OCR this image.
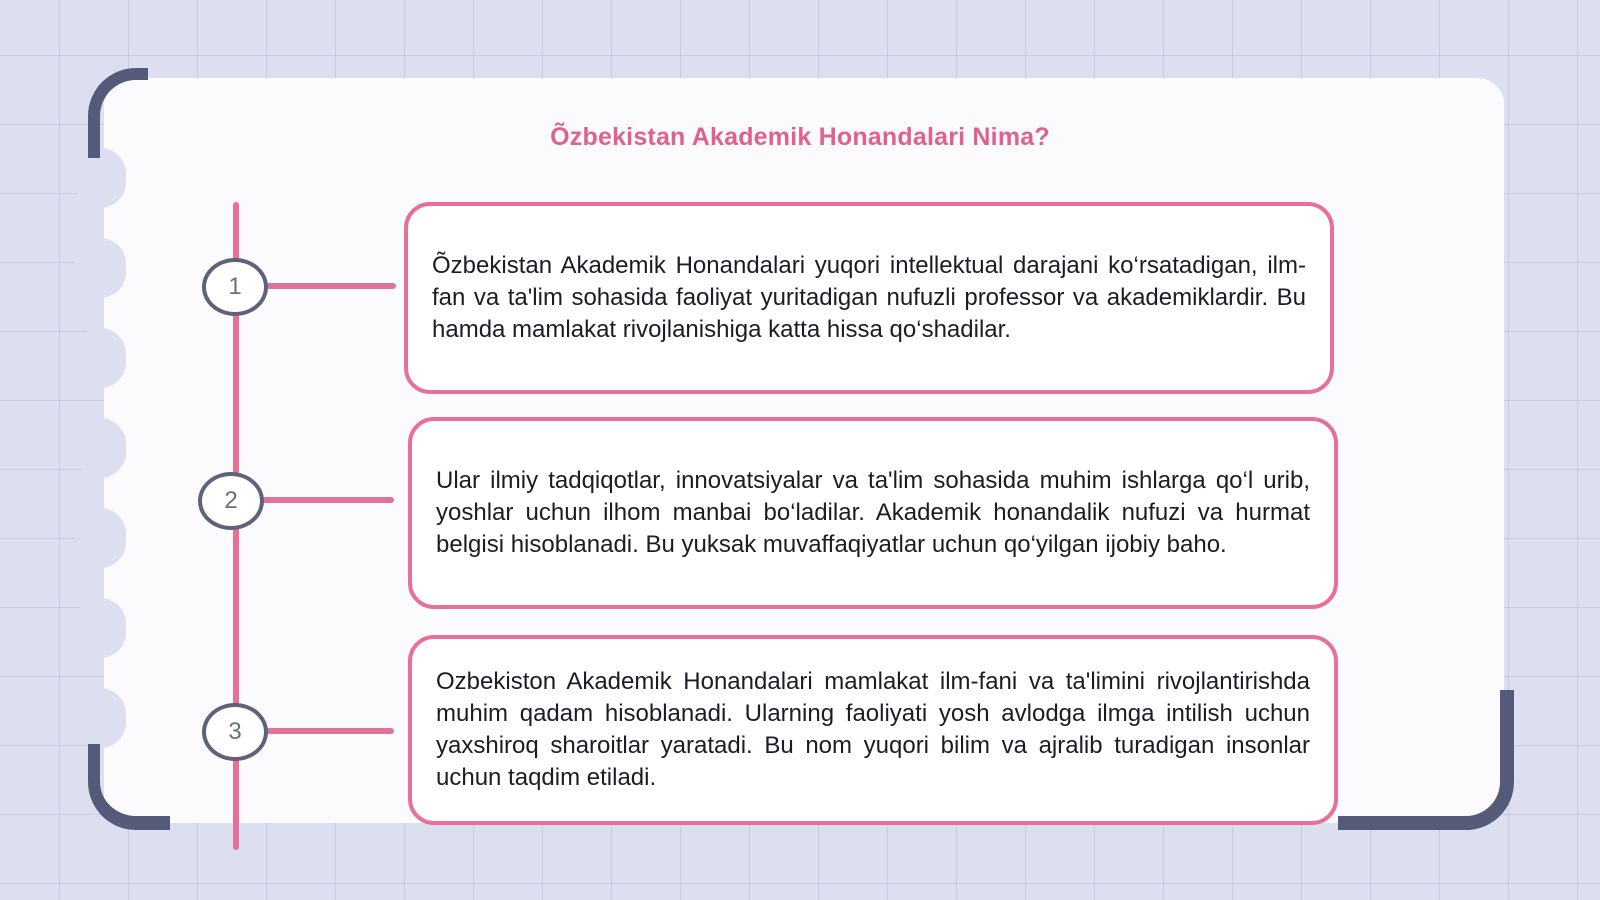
Õzbekistan Akademik Honandalari Nima?
1
Õzbekistan Akademik Honandalari yuqori intellektual darajani ko‘rsatadigan, ilm-fan va ta'lim sohasida faoliyat yuritadigan nufuzli professor va akademiklardir. Bu hamda mamlakat rivojlanishiga katta hissa qo‘shadilar.
2
Ular ilmiy tadqiqotlar, innovatsiyalar va ta'lim sohasida muhim ishlarga qo‘l urib, yoshlar uchun ilhom manbai bo‘ladilar. Akademik honandalik nufuzi va hurmat belgisi hisoblanadi. Bu yuksak muvaffaqiyatlar uchun qo‘yilgan ijobiy baho.
3
Ozbekiston Akademik Honandalari mamlakat ilm-fani va ta'limini rivojlantirishda muhim qadam hisoblanadi. Ularning faoliyati yosh avlodga ilmga intilish uchun yaxshiroq sharoitlar yaratadi. Bu nom yuqori bilim va ajralib turadigan insonlar uchun taqdim etiladi.
